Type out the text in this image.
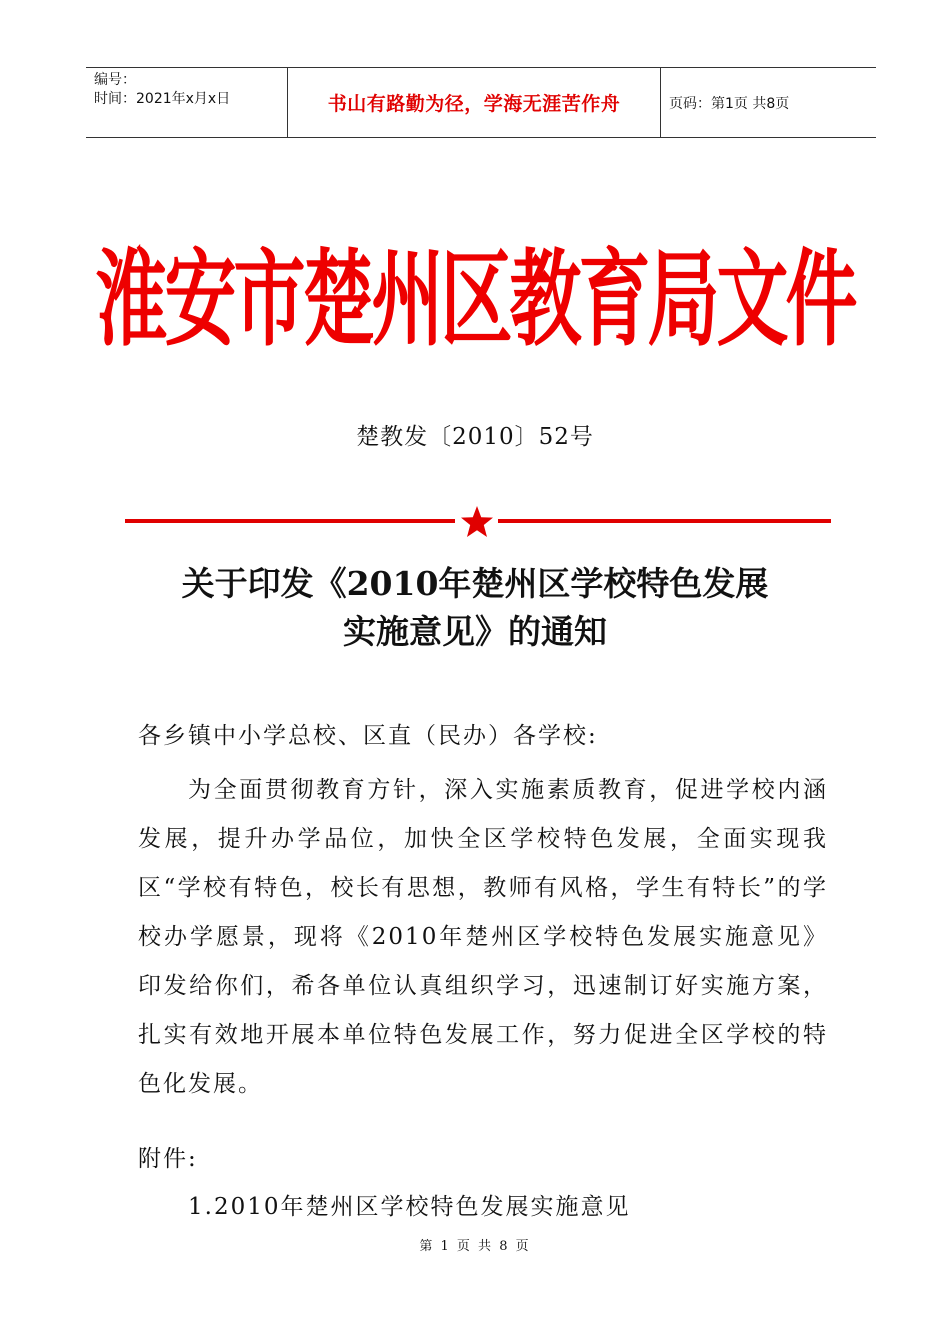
编号：
时间：2021年x月x日	书山有路勤为径，学海无涯苦作舟	页码：第1页 共8页
淮安市楚州区教育局文件
楚教发〔2010〕52号
关于印发《2010年楚州区学校特色发展
实施意见》的通知
各乡镇中小学总校、区直（民办）各学校:
为全面贯彻教育方针，深入实施素质教育，促进学校内涵发展，提升办学品位，加快全区学校特色发展，全面实现我区“学校有特色，校长有思想，教师有风格，学生有特长”的学校办学愿景，现将《2010年楚州区学校特色发展实施意见》印发给你们，希各单位认真组织学习，迅速制订好实施方案，扎实有效地开展本单位特色发展工作，努力促进全区学校的特色化发展。
附件:
1.2010年楚州区学校特色发展实施意见
第 1 页 共 8 页
